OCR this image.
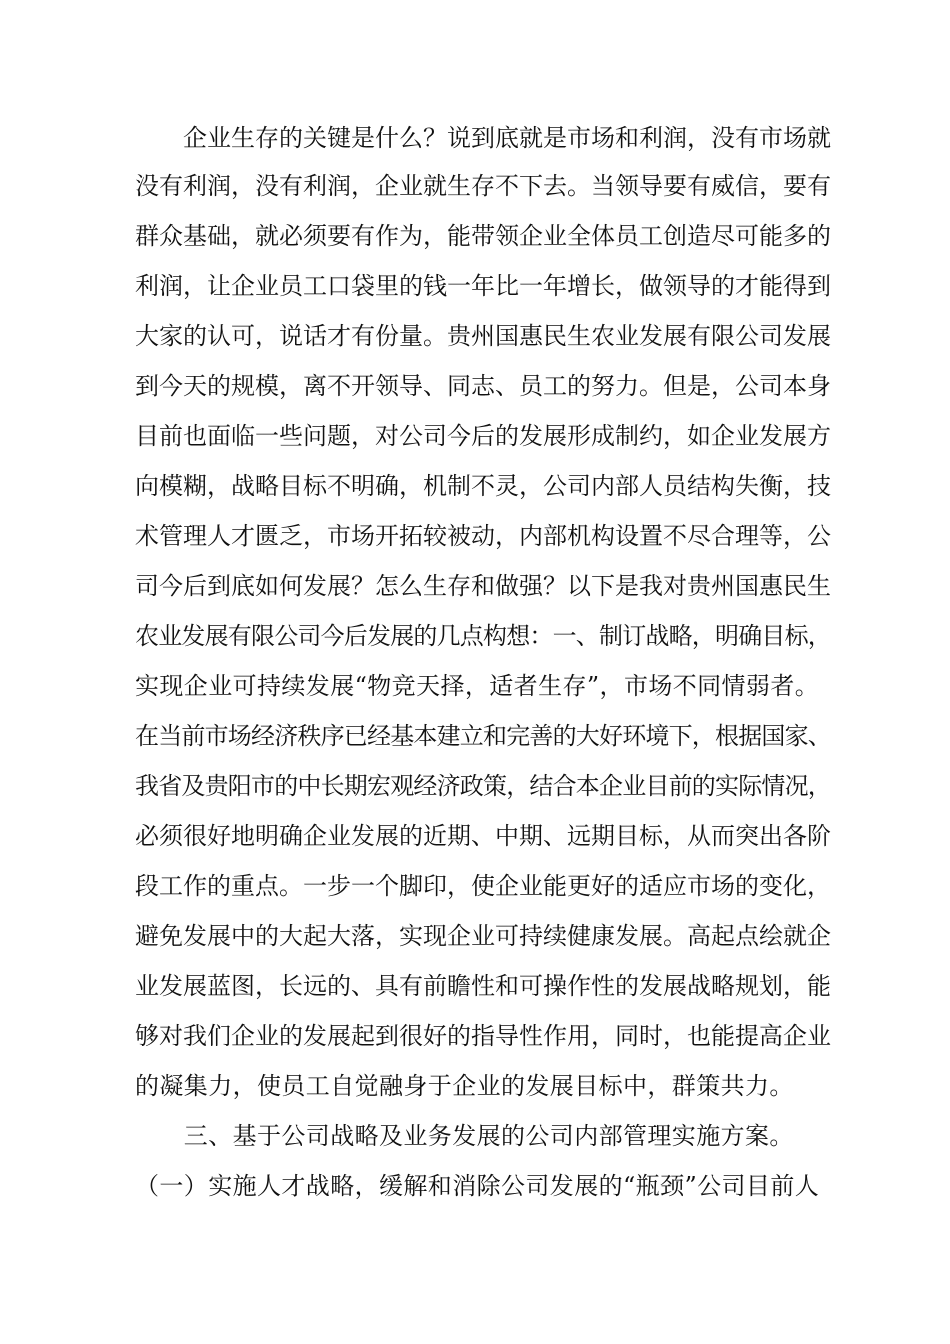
　　企业生存的关键是什么？说到底就是市场和利润，没有市场就
没有利润，没有利润，企业就生存不下去。当领导要有威信，要有
群众基础，就必须要有作为，能带领企业全体员工创造尽可能多的
利润，让企业员工口袋里的钱一年比一年增长，做领导的才能得到
大家的认可，说话才有份量。贵州国惠民生农业发展有限公司发展
到今天的规模，离不开领导、同志、员工的努力。但是，公司本身
目前也面临一些问题，对公司今后的发展形成制约，如企业发展方
向模糊，战略目标不明确，机制不灵，公司内部人员结构失衡，技
术管理人才匮乏，市场开拓较被动，内部机构设置不尽合理等，公
司今后到底如何发展？怎么生存和做强？以下是我对贵州国惠民生
农业发展有限公司今后发展的几点构想：一、制订战略，明确目标，
实现企业可持续发展“物竞天择，适者生存”，市场不同情弱者。
在当前市场经济秩序已经基本建立和完善的大好环境下，根据国家、
我省及贵阳市的中长期宏观经济政策，结合本企业目前的实际情况，
必须很好地明确企业发展的近期、中期、远期目标，从而突出各阶
段工作的重点。一步一个脚印，使企业能更好的适应市场的变化，
避免发展中的大起大落，实现企业可持续健康发展。高起点绘就企
业发展蓝图，长远的、具有前瞻性和可操作性的发展战略规划，能
够对我们企业的发展起到很好的指导性作用，同时，也能提高企业
的凝集力，使员工自觉融身于企业的发展目标中，群策共力。
　　三、基于公司战略及业务发展的公司内部管理实施方案。
（一）实施人才战略，缓解和消除公司发展的“瓶颈”公司目前人
